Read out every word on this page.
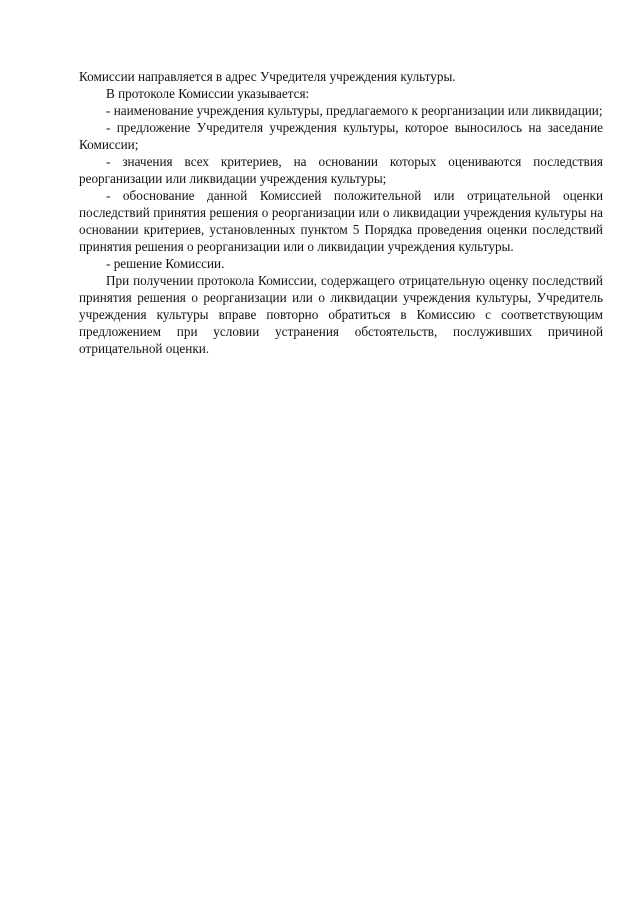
Комиссии направляется в адрес Учредителя учреждения культуры.

В протоколе Комиссии указывается:

- наименование учреждения культуры, предлагаемого к реорганизации или ликвидации;

- предложение Учредителя учреждения культуры, которое выносилось на заседание Комиссии;

- значения всех критериев, на основании которых оцениваются последствия реорганизации или ликвидации учреждения культуры;

- обоснование данной Комиссией положительной или отрицательной оценки последствий принятия решения о реорганизации или о ликвидации учреждения культуры на основании критериев, установленных пунктом 5 Порядка проведения оценки последствий принятия решения о реорганизации или о ликвидации учреждения культуры.

- решение Комиссии.

При получении протокола Комиссии, содержащего отрицательную оценку последствий принятия решения о реорганизации или о ликвидации учреждения культуры, Учредитель учреждения культуры вправе повторно обратиться в Комиссию с соответствующим предложением при условии устранения обстоятельств, послуживших причиной отрицательной оценки.
